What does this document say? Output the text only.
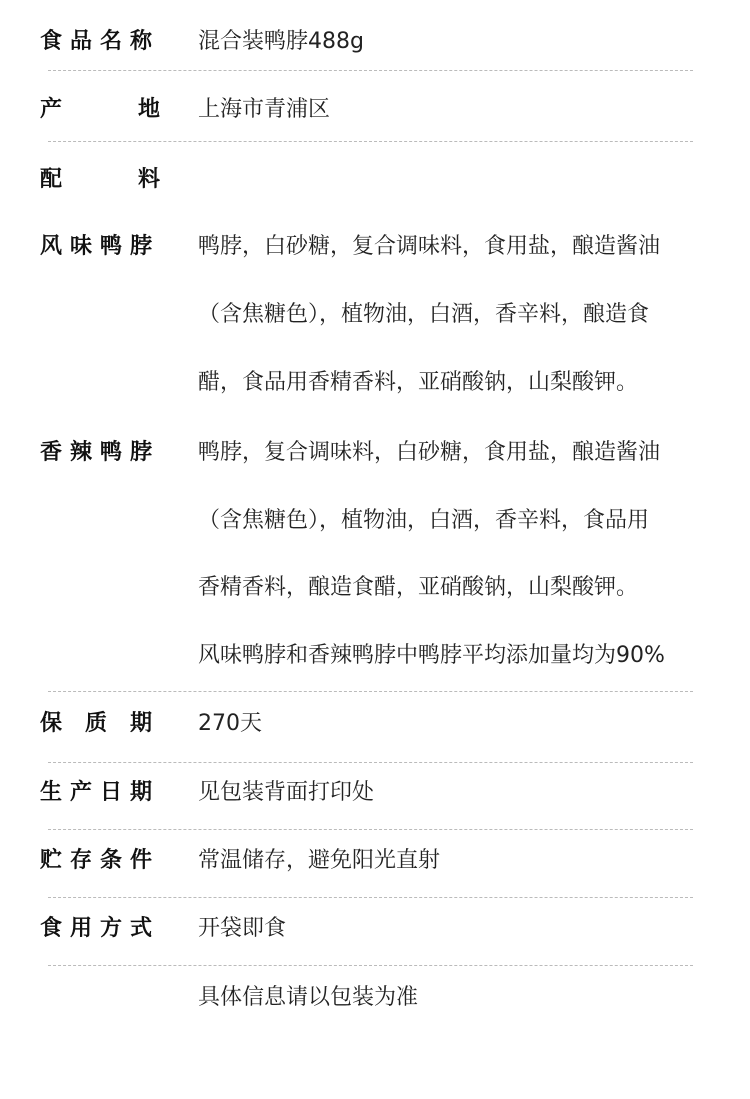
食品名称 混合装鸭脖488g
产	地 上海市青浦区
配	料
风味鸭脖 鸭脖，白砂糖，复合调味料，食用盐，酿造酱油
（含焦糖色），植物油，白酒，香辛料，酿造食
醋，食品用香精香料，亚硝酸钠，山梨酸钾。
香辣鸭脖 鸭脖，复合调味料，白砂糖，食用盐，酿造酱油
（含焦糖色），植物油，白酒，香辛料，食品用
香精香料，酿造食醋，亚硝酸钠，山梨酸钾。
风味鸭脖和香辣鸭脖中鸭脖平均添加量均为90%
保质期 270天
生产日期 见包装背面打印处
贮存条件 常温储存，避免阳光直射
食用方式 开袋即食
具体信息请以包装为准
